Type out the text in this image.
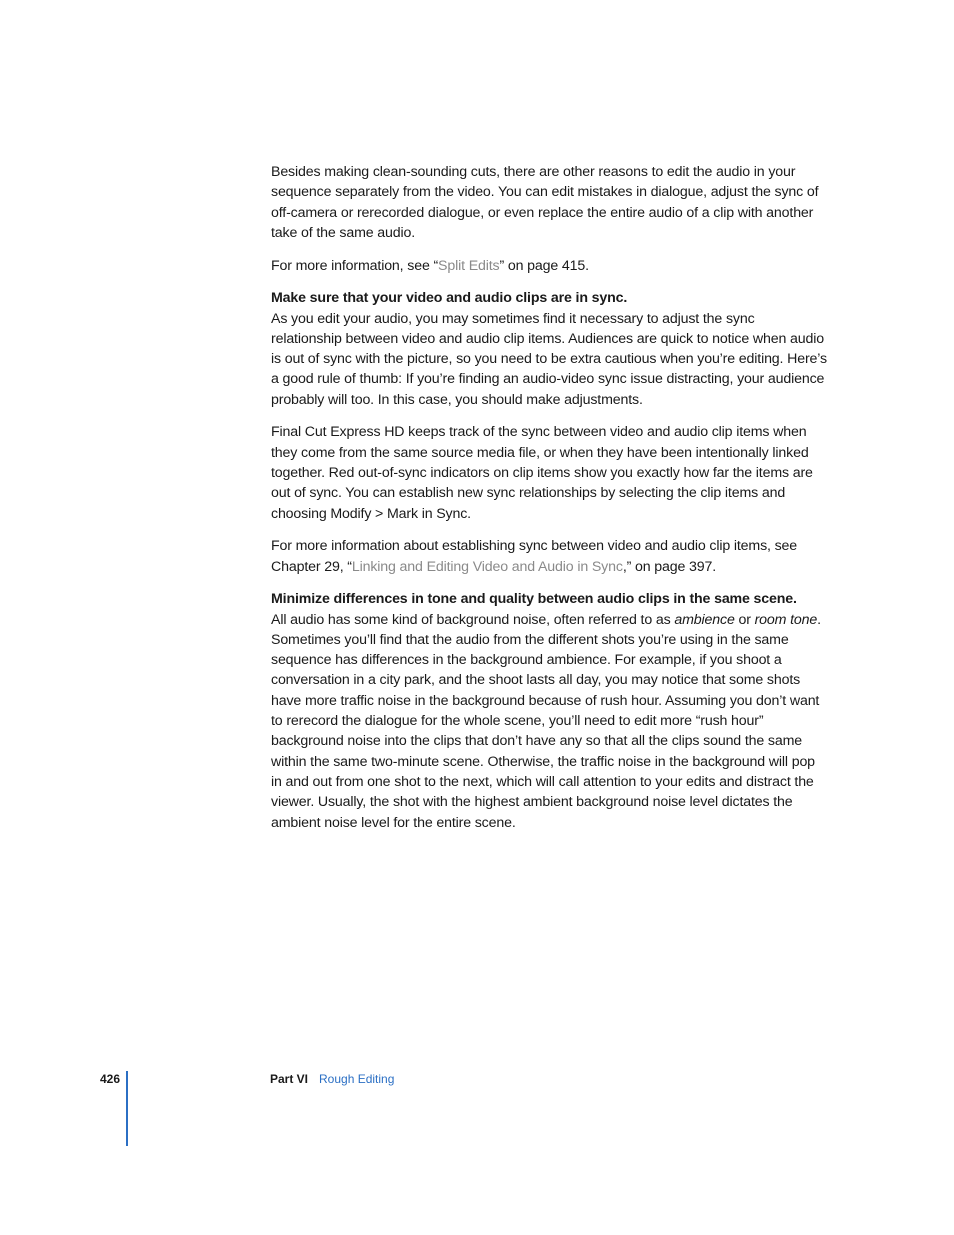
Besides making clean-sounding cuts, there are other reasons to edit the audio in your sequence separately from the video. You can edit mistakes in dialogue, adjust the sync of off-camera or rerecorded dialogue, or even replace the entire audio of a clip with another take of the same audio.

For more information, see “Split Edits” on page 415.

Make sure that your video and audio clips are in sync.
As you edit your audio, you may sometimes find it necessary to adjust the sync relationship between video and audio clip items. Audiences are quick to notice when audio is out of sync with the picture, so you need to be extra cautious when you’re editing. Here’s a good rule of thumb: If you’re finding an audio-video sync issue distracting, your audience probably will too. In this case, you should make adjustments.

Final Cut Express HD keeps track of the sync between video and audio clip items when they come from the same source media file, or when they have been intentionally linked together. Red out-of-sync indicators on clip items show you exactly how far the items are out of sync. You can establish new sync relationships by selecting the clip items and choosing Modify > Mark in Sync.

For more information about establishing sync between video and audio clip items, see Chapter 29, “Linking and Editing Video and Audio in Sync,” on page 397.

Minimize differences in tone and quality between audio clips in the same scene.
All audio has some kind of background noise, often referred to as ambience or room tone. Sometimes you’ll find that the audio from the different shots you’re using in the same sequence has differences in the background ambience. For example, if you shoot a conversation in a city park, and the shoot lasts all day, you may notice that some shots have more traffic noise in the background because of rush hour. Assuming you don’t want to rerecord the dialogue for the whole scene, you’ll need to edit more “rush hour” background noise into the clips that don’t have any so that all the clips sound the same within the same two-minute scene. Otherwise, the traffic noise in the background will pop in and out from one shot to the next, which will call attention to your edits and distract the viewer. Usually, the shot with the highest ambient background noise level dictates the ambient noise level for the entire scene.

426	Part VI Rough Editing
